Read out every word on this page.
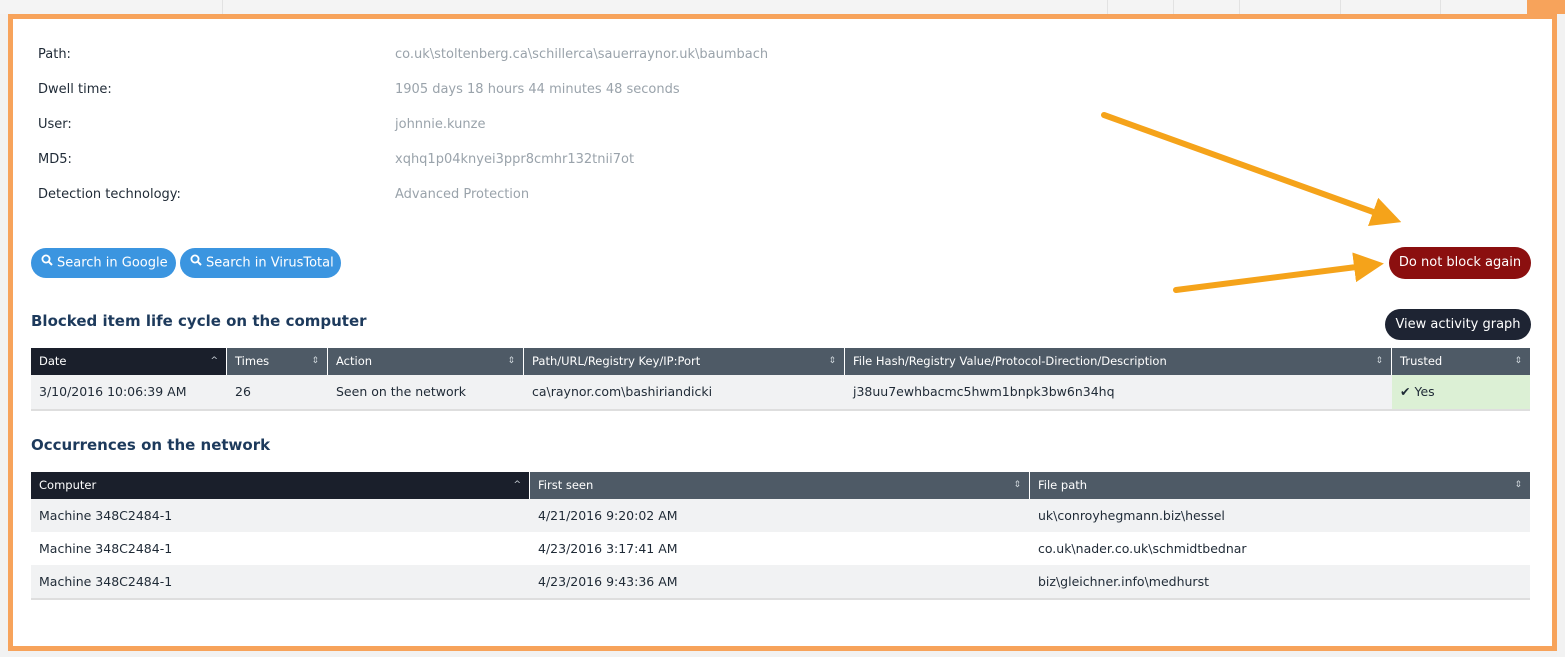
Path:	co.uk\stoltenberg.ca\schillerca\sauerraynor.uk\baumbach
Dwell time:	1905 days 18 hours 44 minutes 48 seconds
User:	johnnie.kunze
MD5:	xqhq1p04knyei3ppr8cmhr132tnii7ot
Detection technology:	Advanced Protection
Search in Google	Search in VirusTotal	Do not block again
Blocked item life cycle on the computer	View activity graph
Date	^	Times	⇕	Action	⇕	Path/URL/Registry Key/IP:Port	⇕	File Hash/Registry Value/Protocol-Direction/Description	⇕	Trusted	⇕
3/10/2016 10:06:39 AM	26	Seen on the network	ca\raynor.com\bashiriandicki	j38uu7ewhbacmc5hwm1bnpk3bw6n34hq	✔ Yes
Occurrences on the network
Computer	^	First seen	⇕	File path	⇕
Machine 348C2484-1	4/21/2016 9:20:02 AM	uk\conroyhegmann.biz\hessel
Machine 348C2484-1	4/23/2016 3:17:41 AM	co.uk\nader.co.uk\schmidtbednar
Machine 348C2484-1	4/23/2016 9:43:36 AM	biz\gleichner.info\medhurst
